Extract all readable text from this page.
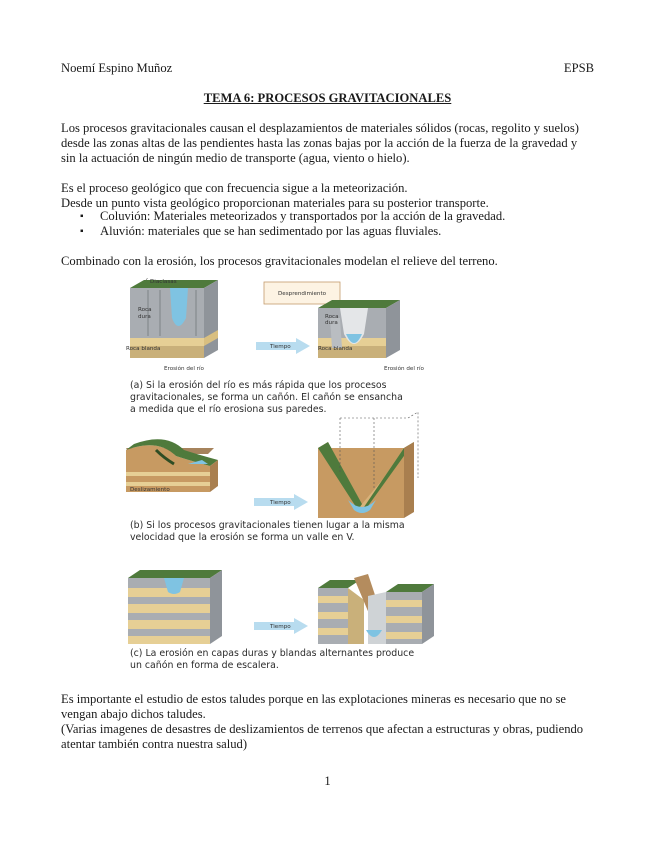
Noemí Espino Muñoz	EPSB
TEMA 6: PROCESOS GRAVITACIONALES
Los procesos gravitacionales causan el desplazamientos de materiales sólidos (rocas, regolito y suelos)
desde las zonas altas de las pendientes hasta las zonas bajas por la acción de la fuerza de la gravedad y
sin la actuación de ningún medio de transporte (agua, viento o hielo).
Es el proceso geológico que con frecuencia sigue a la meteorización.
Desde un punto vista geológico proporcionan materiales para su posterior transporte.
▪ Coluvión: Materiales meteorizados y transportados por la acción de la gravedad.
▪ Aluvión: materiales que se han sedimentado por las aguas fluviales.
Combinado con la erosión, los procesos gravitacionales modelan el relieve del terreno.
Diaclasas
Roca
dura
Roca blanda
Erosión del río
Desprendimiento
Tiempo
Roca
dura
Roca blanda
Erosión del río
Deslizamiento
Tiempo
Tiempo
(a) Si la erosión del río es más rápida que los procesos
gravitacionales, se forma un cañón. El cañón se ensancha
a medida que el río erosiona sus paredes.
(b) Si los procesos gravitacionales tienen lugar a la misma
velocidad que la erosión se forma un valle en V.
(c) La erosión en capas duras y blandas alternantes produce
un cañón en forma de escalera.
Es importante el estudio de estos taludes porque en las explotaciones mineras es necesario que no se
vengan abajo dichos taludes.
(Varias imagenes de desastres de deslizamientos de terrenos que afectan a estructuras y obras, pudiendo
atentar también contra nuestra salud)
1
